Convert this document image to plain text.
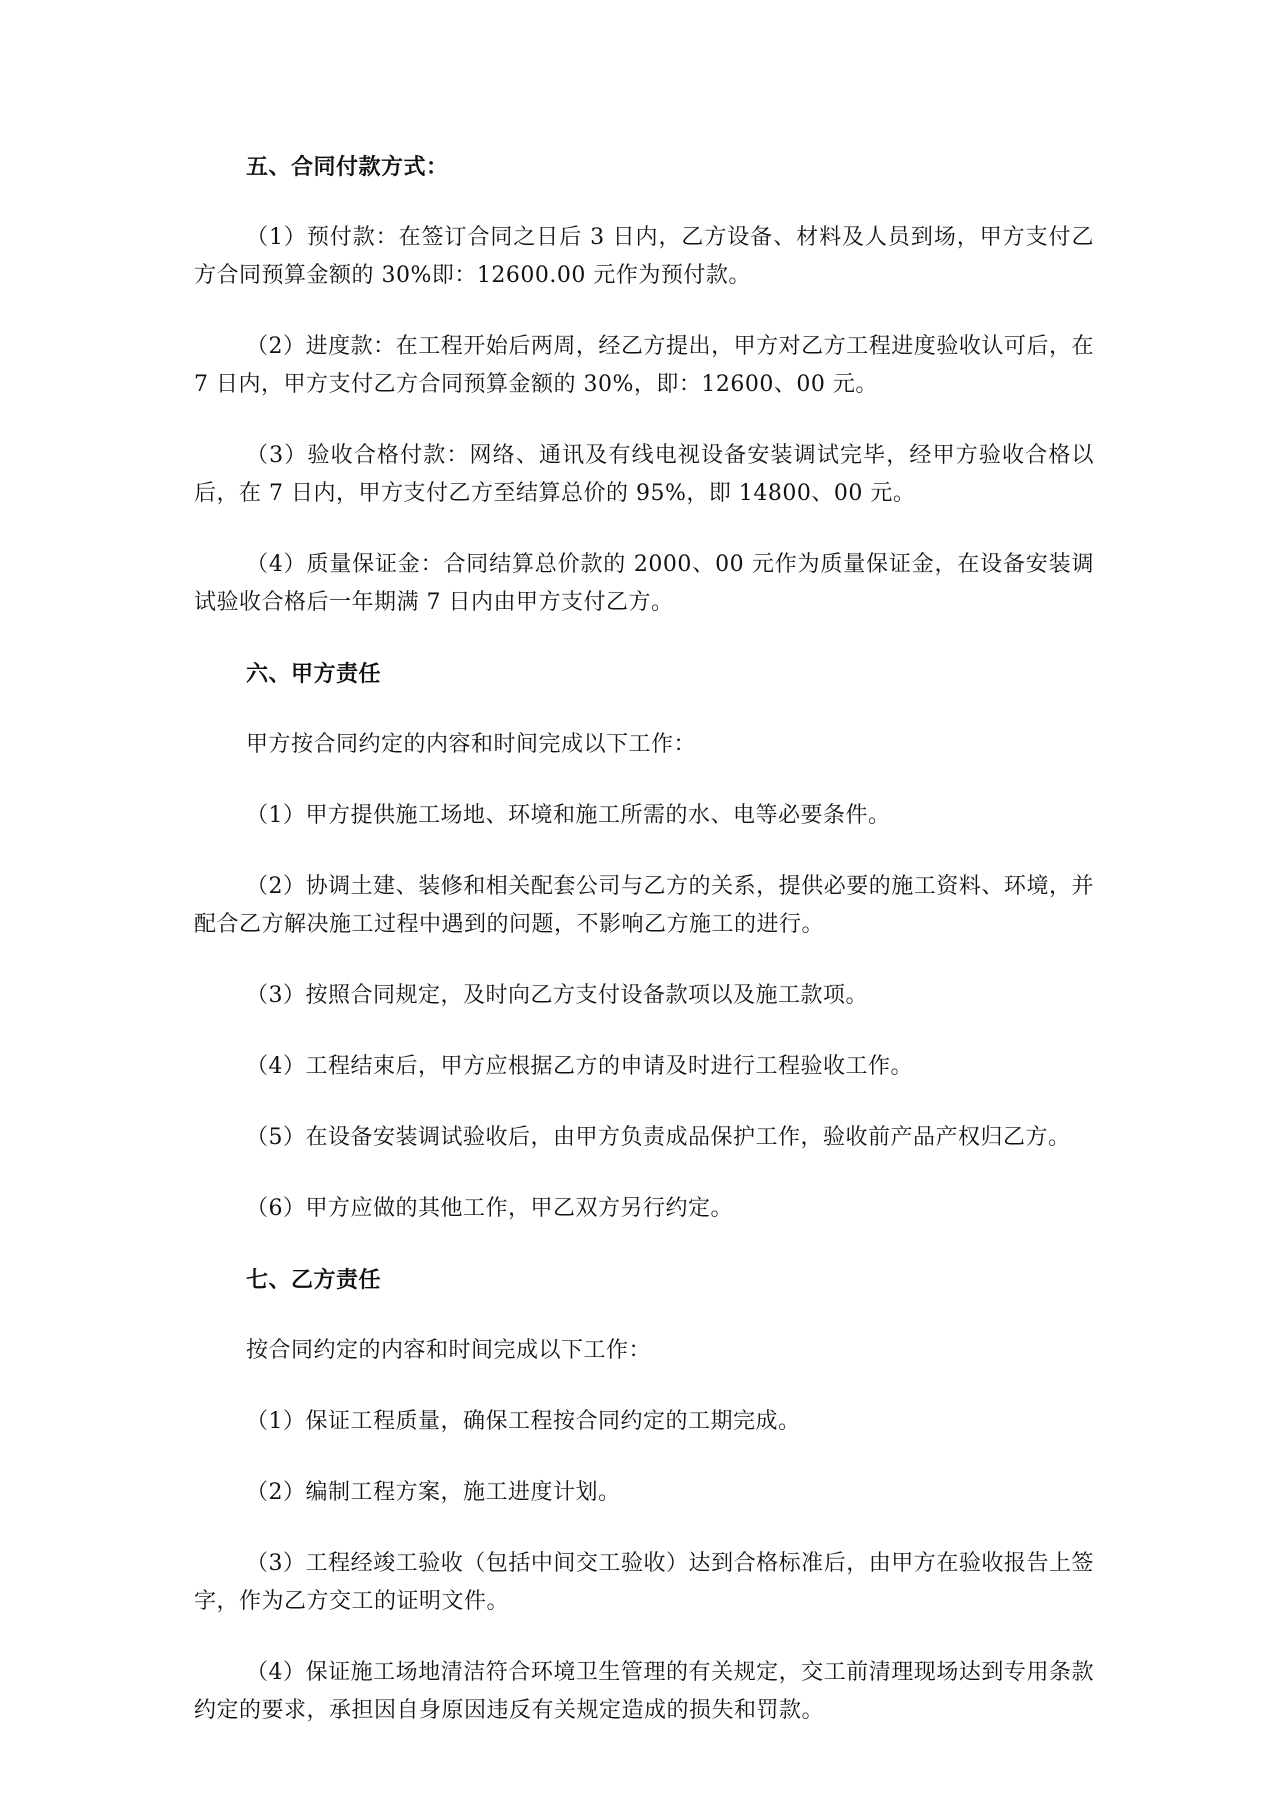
五、合同付款方式：

（1）预付款：在签订合同之日后 3 日内，乙方设备、材料及人员到场，甲方支付乙方合同预算金额的 30%即：12600.00 元作为预付款。

（2）进度款：在工程开始后两周，经乙方提出，甲方对乙方工程进度验收认可后，在 7 日内，甲方支付乙方合同预算金额的 30%，即：12600、00 元。

（3）验收合格付款：网络、通讯及有线电视设备安装调试完毕，经甲方验收合格以后，在 7 日内，甲方支付乙方至结算总价的 95%，即 14800、00 元。

（4）质量保证金：合同结算总价款的 2000、00 元作为质量保证金，在设备安装调试验收合格后一年期满 7 日内由甲方支付乙方。

六、甲方责任

甲方按合同约定的内容和时间完成以下工作：

（1）甲方提供施工场地、环境和施工所需的水、电等必要条件。

（2）协调土建、装修和相关配套公司与乙方的关系，提供必要的施工资料、环境，并配合乙方解决施工过程中遇到的问题，不影响乙方施工的进行。

（3）按照合同规定，及时向乙方支付设备款项以及施工款项。

（4）工程结束后，甲方应根据乙方的申请及时进行工程验收工作。

（5）在设备安装调试验收后，由甲方负责成品保护工作，验收前产品产权归乙方。

（6）甲方应做的其他工作，甲乙双方另行约定。

七、乙方责任

按合同约定的内容和时间完成以下工作：

（1）保证工程质量，确保工程按合同约定的工期完成。

（2）编制工程方案，施工进度计划。

（3）工程经竣工验收（包括中间交工验收）达到合格标准后，由甲方在验收报告上签字，作为乙方交工的证明文件。

（4）保证施工场地清洁符合环境卫生管理的有关规定，交工前清理现场达到专用条款约定的要求，承担因自身原因违反有关规定造成的损失和罚款。
